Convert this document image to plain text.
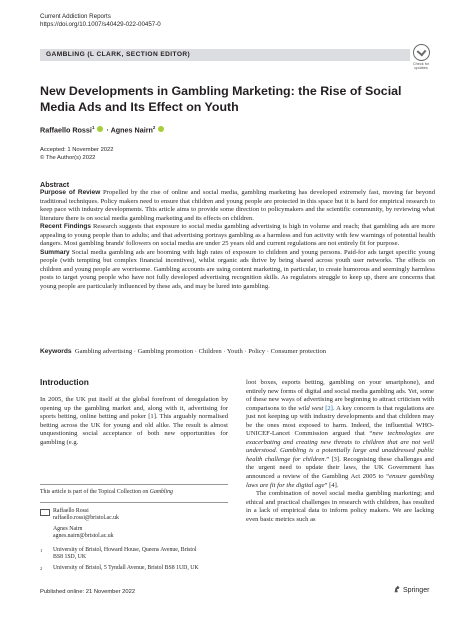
Current Addiction Reports
https://doi.org/10.1007/s40429-022-00457-0
GAMBLING (L CLARK, SECTION EDITOR)
Check for
updates
New Developments in Gambling Marketing: the Rise of Social Media Ads and Its Effect on Youth
Raffaello Rossi$^1$  · Agnes Nairn$^2$
Accepted: 1 November 2022
© The Author(s) 2022
Abstract

Purpose of Review Propelled by the rise of online and social media, gambling marketing has developed extremely fast, moving far beyond traditional techniques. Policy makers need to ensure that children and young people are protected in this space but it is hard for empirical research to keep pace with industry developments. This article aims to provide some direction to policymakers and the scientific community, by reviewing what literature there is on social media gambling marketing and its effects on children.

Recent Findings Research suggests that exposure to social media gambling advertising is high in volume and reach; that gambling ads are more appealing to young people than to adults; and that advertising portrays gambling as a harmless and fun activity with few warnings of potential health dangers. Most gambling brands' followers on social media are under 25 years old and current regulations are not entirely fit for purpose.

Summary Social media gambling ads are booming with high rates of exposure to children and young persons. Paid-for ads target specific young people (with tempting but complex financial incentives), whilst organic ads thrive by being shared across youth user networks. The effects on children and young people are worrisome. Gambling accounts are using content marketing, in particular, to create humorous and seemingly harmless posts to target young people who have not fully developed advertising recognition skills. As regulators struggle to keep up, there are concerns that young people are particularly influenced by these ads, and may be lured into gambling.

Keywords Gambling advertising · Gambling promotion · Children · Youth · Policy · Consumer protection
Introduction

In 2005, the UK put itself at the global forefront of deregulation by opening up the gambling market and, along with it, advertising for sports betting, online betting and poker [1]. This arguably normalised betting across the UK for young and old alike. The result is almost unquestioning social acceptance of both new opportunities for gambling (e.g.

This article is part of the Topical Collection on Gambling
Raffaello Rossi
raffaello.rossi@bristol.ac.uk
Agnes Nairn
agnes.nairn@bristol.ac.uk
1 University of Bristol, Howard House, Queens Avenue, Bristol BS8 1SD, UK
2 University of Bristol, 5 Tyndall Avenue, Bristol BS8 1UD, UK

loot boxes, esports betting, gambling on your smartphone), and entirely new forms of digital and social media gambling ads. Yet, some of these new ways of advertising are beginning to attract criticism with comparisons to the wild west [2]. A key concern is that regulations are just not keeping up with industry developments and that children may be the ones most exposed to harm. Indeed, the influential WHO-UNICEF-Lancet Commission argued that “new technologies are exacerbating and creating new threats to children that are not well understood. Gambling is a potentially large and unaddressed public health challenge for children.” [3]. Recognising these challenges and the urgent need to update their laws, the UK Government has announced a review of the Gambling Act 2005 to “ensure gambling laws are fit for the digital age” [4].

The combination of novel social media gambling marketing; and ethical and practical challenges in research with children, has resulted in a lack of empirical data to inform policy makers. We are lacking even basic metrics such as

Published online: 21 November 2022	Springer
